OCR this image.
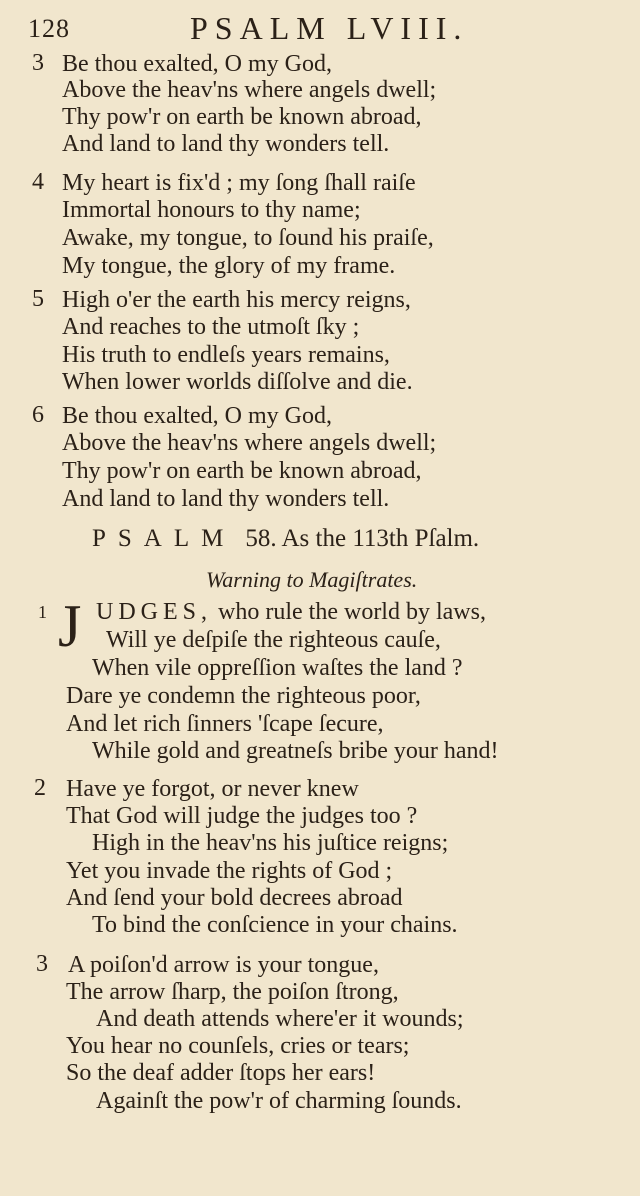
128	PSALM LVIII.
3 Be thou exalted, O my God,
Above the heav'ns where angels dwell;
Thy pow'r on earth be known abroad,
And land to land thy wonders tell.
4 My heart is fix'd ; my ſong ſhall raiſe
Immortal honours to thy name;
Awake, my tongue, to ſound his praiſe,
My tongue, the glory of my frame.
5 High o'er the earth his mercy reigns,
And reaches to the utmoſt ſky ;
His truth to endleſs years remains,
When lower worlds diſſolve and die.
6 Be thou exalted, O my God,
Above the heav'ns where angels dwell;
Thy pow'r on earth be known abroad,
And land to land thy wonders tell.
PSALM 58. As the 113th Pſalm.
Warning to Magiſtrates.
1 J UDGES, who rule the world by laws,
Will ye deſpiſe the righteous cauſe,
When vile oppreſſion waſtes the land ?
Dare ye condemn the righteous poor,
And let rich ſinners 'ſcape ſecure,
While gold and greatneſs bribe your hand!
2 Have ye forgot, or never knew
That God will judge the judges too ?
High in the heav'ns his juſtice reigns;
Yet you invade the rights of God ;
And ſend your bold decrees abroad
To bind the conſcience in your chains.
3 A poiſon'd arrow is your tongue,
The arrow ſharp, the poiſon ſtrong,
And death attends where'er it wounds;
You hear no counſels, cries or tears;
So the deaf adder ſtops her ears!
Againſt the pow'r of charming ſounds.
